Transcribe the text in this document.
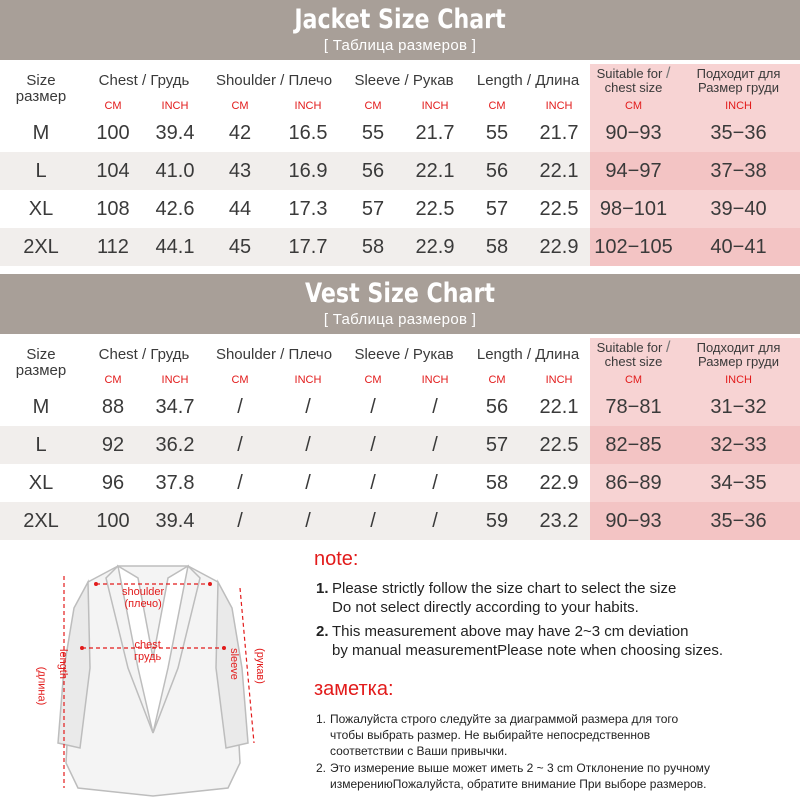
Jacket Size Chart
[ Таблица размеров ]
Size
размер	Chest / Грудь		Shoulder / Плечо		Sleeve / Рукав		Length / Длина		Suitable for /
chest size	Подходит для
Размер груди
	CM	INCH	CM	INCH	CM	INCH	CM	INCH	CM	INCH
M	100	39.4	42	16.5	55	21.7	55	21.7	90−93	35−36
L	104	41.0	43	16.9	56	22.1	56	22.1	94−97	37−38
XL	108	42.6	44	17.3	57	22.5	57	22.5	98−101	39−40
2XL	112	44.1	45	17.7	58	22.9	58	22.9	102−105	40−41
Vest Size Chart
[ Таблица размеров ]
Size
размер	Chest / Грудь		Shoulder / Плечо		Sleeve / Рукав		Length / Длина		Suitable for /
chest size	Подходит для
Размер груди
	CM	INCH	CM	INCH	CM	INCH	CM	INCH	CM	INCH
M	88	34.7	/	/	/	/	56	22.1	78−81	31−32
L	92	36.2	/	/	/	/	57	22.5	82−85	32−33
XL	96	37.8	/	/	/	/	58	22.9	86−89	34−35
2XL	100	39.4	/	/	/	/	59	23.2	90−93	35−36
shoulder
(плечо)
chest
грудь
(длина)
length	sleeve (рукав)
note:
1. Please strictly follow the size chart to select the size
Do not select directly according to your habits.
2. This measurement above may have 2~3 cm deviation
by manual measurementPlease note when choosing sizes.
заметка:
1. Пожалуйста строго следуйте за диаграммой размера для того
чтобы выбрать размер. Не выбирайте непосредственнов
соответствии с Ваши привычки.
2. Это измерение выше может иметь 2 ~ 3 cm Отклонение по ручному
измерениюПожалуйста, обратите внимание При выборе размеров.
